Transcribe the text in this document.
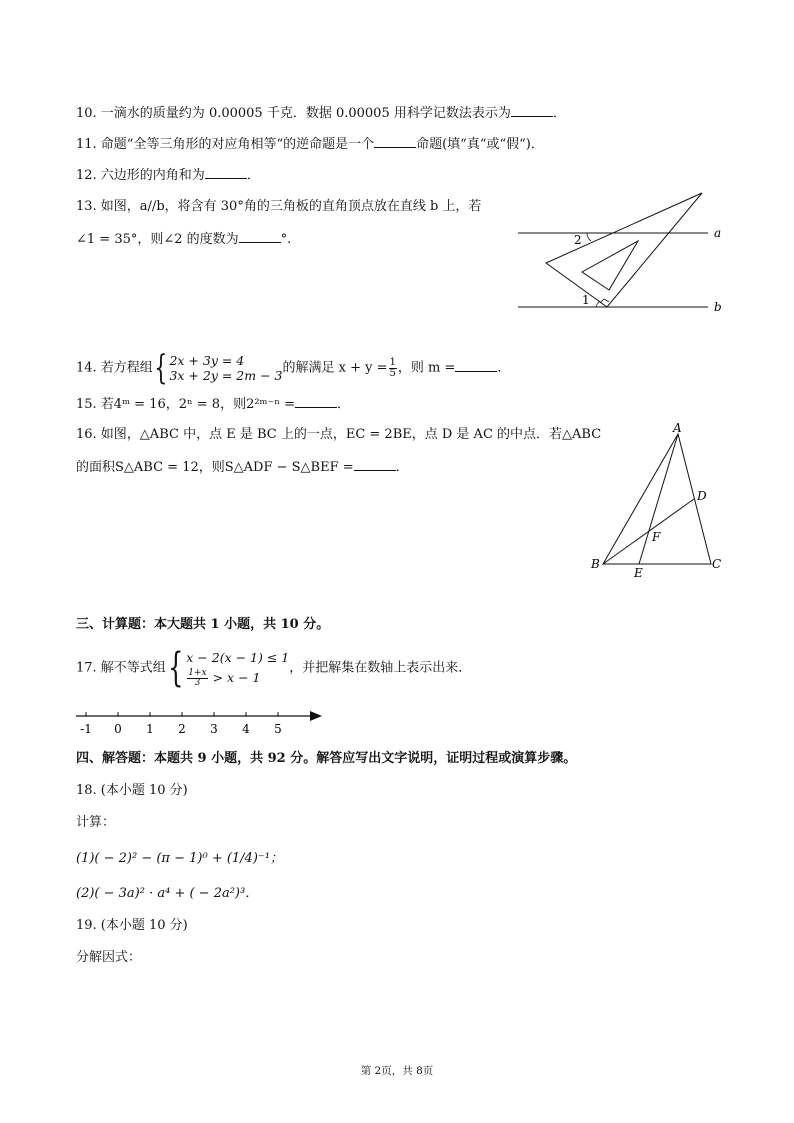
10. 一滴水的质量约为 0.00005 千克．数据 0.00005 用科学记数法表示为	．
11. 命题“全等三角形的对应角相等“的逆命题是一个	命题(填“真“或“假“)．
12. 六边形的内角和为	．
13. 如图，a//b，将含有 30°角的三角板的直角顶点放在直线 b 上，若
∠1 = 35°，则∠2 的度数为	°.	a
b
1
2
14. 若方程组 { 2x + 3y = 4
3x + 2y = 2m − 3 的解满足 $x + y = \frac{1}{5}$ ，则 m =	．
15. 若4ᵐ = 16，2ⁿ = 8，则2²ᵐ⁻ⁿ =	．
16. 如图，△ABC 中，点 E 是 BC 上的一点，EC = 2BE，点 D 是 AC 的中点．若△ABC
的面积S△ABC = 12，则S△ADF − S△BEF =	．
A
B	C
D
E
F
三、计算题：本大题共 1 小题，共 10 分。
17. 解不等式组 { x − 2(x − 1) ≤ 1
$\frac{1+x}{3} > x - 1$
，并把解集在数轴上表示出来．
-1 0 1 2 3 4 5
四、解答题：本题共 9 小题，共 92 分。解答应写出文字说明，证明过程或演算步骤。
18. (本小题 10 分)
计算：
(1)( − 2)² − (π − 1)⁰ + (1/4)⁻¹；
(2)( − 3a)² · a⁴ + ( − 2a²)³．
19. (本小题 10 分)
分解因式：
第 2页，共 8页
